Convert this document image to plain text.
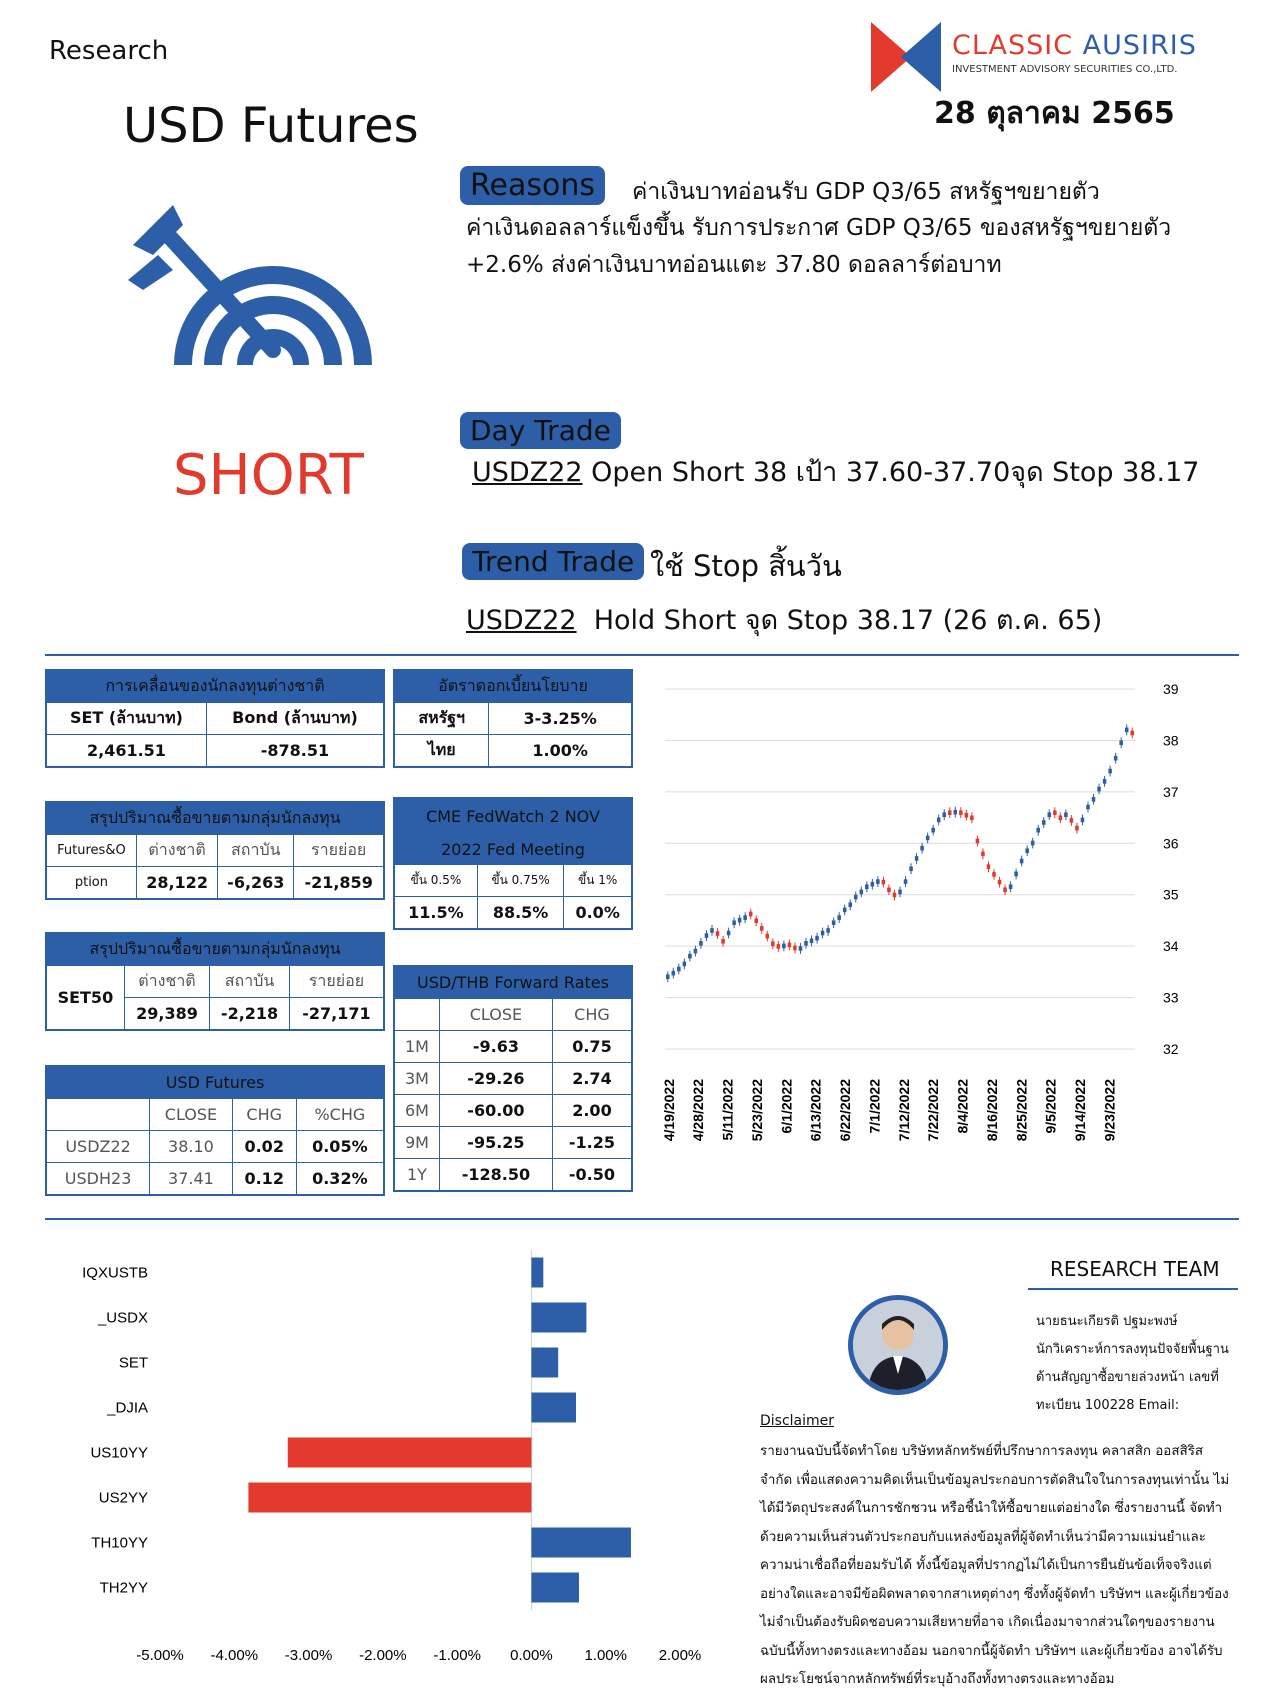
Research
USD Futures
CLASSIC AUSIRIS
INVESTMENT ADVISORY SECURITIES CO.,LTD.
28 ตุลาคม 2565
SHORT
Reasons	ค่าเงินบาทอ่อนรับ GDP Q3/65 สหรัฐฯขยายตัว
ค่าเงินดอลลาร์แข็งขึ้น รับการประกาศ GDP Q3/65 ของสหรัฐฯขยายตัว
+2.6% ส่งค่าเงินบาทอ่อนแตะ 37.80 ดอลลาร์ต่อบาท
Day Trade
USDZ22 Open Short 38 เป้า 37.60-37.70จุด Stop 38.17
Trend Trade ใช้ Stop สิ้นวัน
USDZ22  Hold Short จุด Stop 38.17 (26 ต.ค. 65)
การเคลื่อนของนักลงทุนต่างชาติ	
SET (ล้านบาท)	Bond (ล้านบาท)
2,461.51	-878.51
อัตราดอกเบี้ยนโยบาย	
สหรัฐฯ	3-3.25%
ไทย	1.00%
สรุปปริมาณซื้อขายตามกลุ่มนักลงทุน			
Futures&O	ต่างชาติ	สถาบัน	รายย่อย
ption	28,122	-6,263	-21,859
CME FedWatch 2 NOV		
2022 Fed Meeting		
ขึ้น 0.5%	ขึ้น 0.75%	ขึ้น 1%
11.5%	88.5%	0.0%
สรุปปริมาณซื้อขายตามกลุ่มนักลงทุน			
SET50	ต่างชาติ	สถาบัน	รายย่อย
	29,389	-2,218	-27,171
USD/THB Forward Rates		
	CLOSE	CHG
1M	-9.63	0.75
3M	-29.26	2.74
6M	-60.00	2.00
9M	-95.25	-1.25
1Y	-128.50	-0.50
USD Futures			
	CLOSE	CHG	%CHG
USDZ22	38.10	0.02	0.05%
USDH23	37.41	0.12	0.32%
32
33
34
35
36
37
38
39
4/19/2022 4/28/2022 5/11/2022 5/23/2022 6/1/2022 6/13/2022 6/22/2022 7/1/2022 7/12/2022 7/22/2022 8/4/2022 8/16/2022 8/25/2022 9/5/2022 9/14/2022 9/23/2022
IQXUSTB
_USDX
SET
_DJIA
US10YY
US2YY
TH10YY
TH2YY
-5.00% -4.00% -3.00% -2.00% -1.00% 0.00% 1.00% 2.00%
RESEARCH TEAM
นายธนะเกียรติ ปฐมะพงษ์
นักวิเคราะห์การลงทุนปัจจัยพื้นฐาน
ด้านสัญญาซื้อขายล่วงหน้า เลขที่
ทะเบียน 100228 Email:
Disclaimer
รายงานฉบับนี้จัดทำโดย บริษัทหลักทรัพย์ที่ปรึกษาการลงทุน คลาสสิก ออสสิริส จำกัด เพื่อแสดงความคิดเห็นเป็นข้อมูลประกอบการตัดสินใจในการลงทุนเท่านั้น ไม่ได้มีวัตถุประสงค์ในการชักชวน หรือชี้นำให้ซื้อขายแต่อย่างใด ซึ่งรายงานนี้ จัดทำด้วยความเห็นส่วนตัวประกอบกับแหล่งข้อมูลที่ผู้จัดทำเห็นว่ามีความแม่นยำและความน่าเชื่อถือที่ยอมรับได้ ทั้งนี้ข้อมูลที่ปรากฏไม่ได้เป็นการยืนยันข้อเท็จจริงแต่อย่างใดและอาจมีข้อผิดพลาดจากสาเหตุต่างๆ ซึ่งทั้งผู้จัดทำ บริษัทฯ และผู้เกี่ยวข้องไม่จำเป็นต้องรับผิดชอบความเสียหายที่อาจ เกิดเนื่องมาจากส่วนใดๆของรายงานฉบับนี้ทั้งทางตรงและทางอ้อม นอกจากนี้ผู้จัดทำ บริษัทฯ และผู้เกี่ยวข้อง อาจได้รับผลประโยชน์จากหลักทรัพย์ที่ระบุอ้างถึงทั้งทางตรงและทางอ้อม
